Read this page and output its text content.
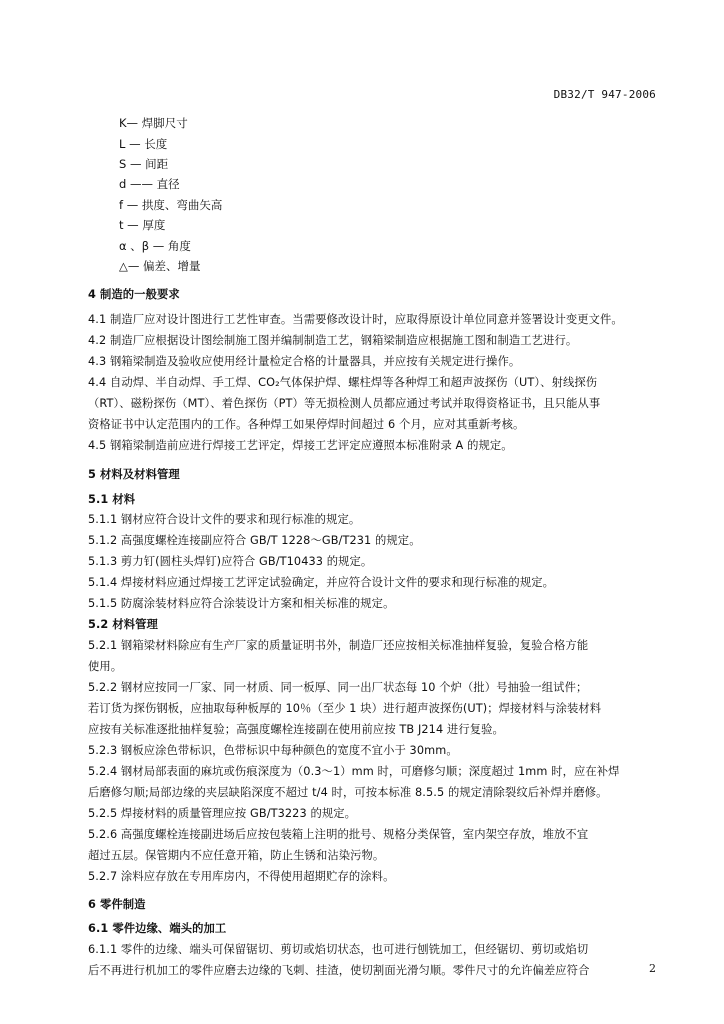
DB32/T 947-2006
K— 焊脚尺寸
L — 长度
S — 间距
d —— 直径
f — 拱度、弯曲矢高
t — 厚度
α 、β — 角度
△— 偏差、增量
4 制造的一般要求
4.1 制造厂应对设计图进行工艺性审查。当需要修改设计时，应取得原设计单位同意并签署设计变更文件。
4.2 制造厂应根据设计图绘制施工图并编制制造工艺，钢箱梁制造应根据施工图和制造工艺进行。
4.3 钢箱梁制造及验收应使用经计量检定合格的计量器具，并应按有关规定进行操作。
4.4 自动焊、半自动焊、手工焊、CO₂气体保护焊、螺柱焊等各种焊工和超声波探伤（UT）、射线探伤
（RT）、磁粉探伤（MT）、着色探伤（PT）等无损检测人员都应通过考试并取得资格证书，且只能从事
资格证书中认定范围内的工作。各种焊工如果停焊时间超过 6 个月，应对其重新考核。
4.5 钢箱梁制造前应进行焊接工艺评定，焊接工艺评定应遵照本标准附录 A 的规定。
5 材料及材料管理
5.1 材料
5.1.1 钢材应符合设计文件的要求和现行标准的规定。
5.1.2 高强度螺栓连接副应符合 GB/T 1228～GB/T231 的规定。
5.1.3 剪力钉(圆柱头焊钉)应符合 GB/T10433 的规定。
5.1.4 焊接材料应通过焊接工艺评定试验确定，并应符合设计文件的要求和现行标准的规定。
5.1.5 防腐涂装材料应符合涂装设计方案和相关标准的规定。
5.2 材料管理
5.2.1 钢箱梁材料除应有生产厂家的质量证明书外，制造厂还应按相关标准抽样复验，复验合格方能
使用。
5.2.2 钢材应按同一厂家、同一材质、同一板厚、同一出厂状态每 10 个炉（批）号抽验一组试件；
若订货为探伤钢板，应抽取每种板厚的 10％（至少 1 块）进行超声波探伤(UT)；焊接材料与涂装材料
应按有关标准逐批抽样复验；高强度螺栓连接副在使用前应按 TB J214 进行复验。
5.2.3 钢板应涂色带标识，色带标识中每种颜色的宽度不宜小于 30mm。
5.2.4 钢材局部表面的麻坑或伤痕深度为（0.3～1）mm 时，可磨修匀顺；深度超过 1mm 时，应在补焊
后磨修匀顺;局部边缘的夹层缺陷深度不超过 t/4 时，可按本标准 8.5.5 的规定清除裂纹后补焊并磨修。
5.2.5 焊接材料的质量管理应按 GB/T3223 的规定。
5.2.6 高强度螺栓连接副进场后应按包装箱上注明的批号、规格分类保管，室内架空存放，堆放不宜
超过五层。保管期内不应任意开箱，防止生锈和沾染污物。
5.2.7 涂料应存放在专用库房内，不得使用超期贮存的涂料。
6 零件制造
6.1 零件边缘、端头的加工
6.1.1 零件的边缘、端头可保留锯切、剪切或焰切状态，也可进行刨铣加工，但经锯切、剪切或焰切
后不再进行机加工的零件应磨去边缘的飞刺、挂渣，使切割面光滑匀顺。零件尺寸的允许偏差应符合	2
